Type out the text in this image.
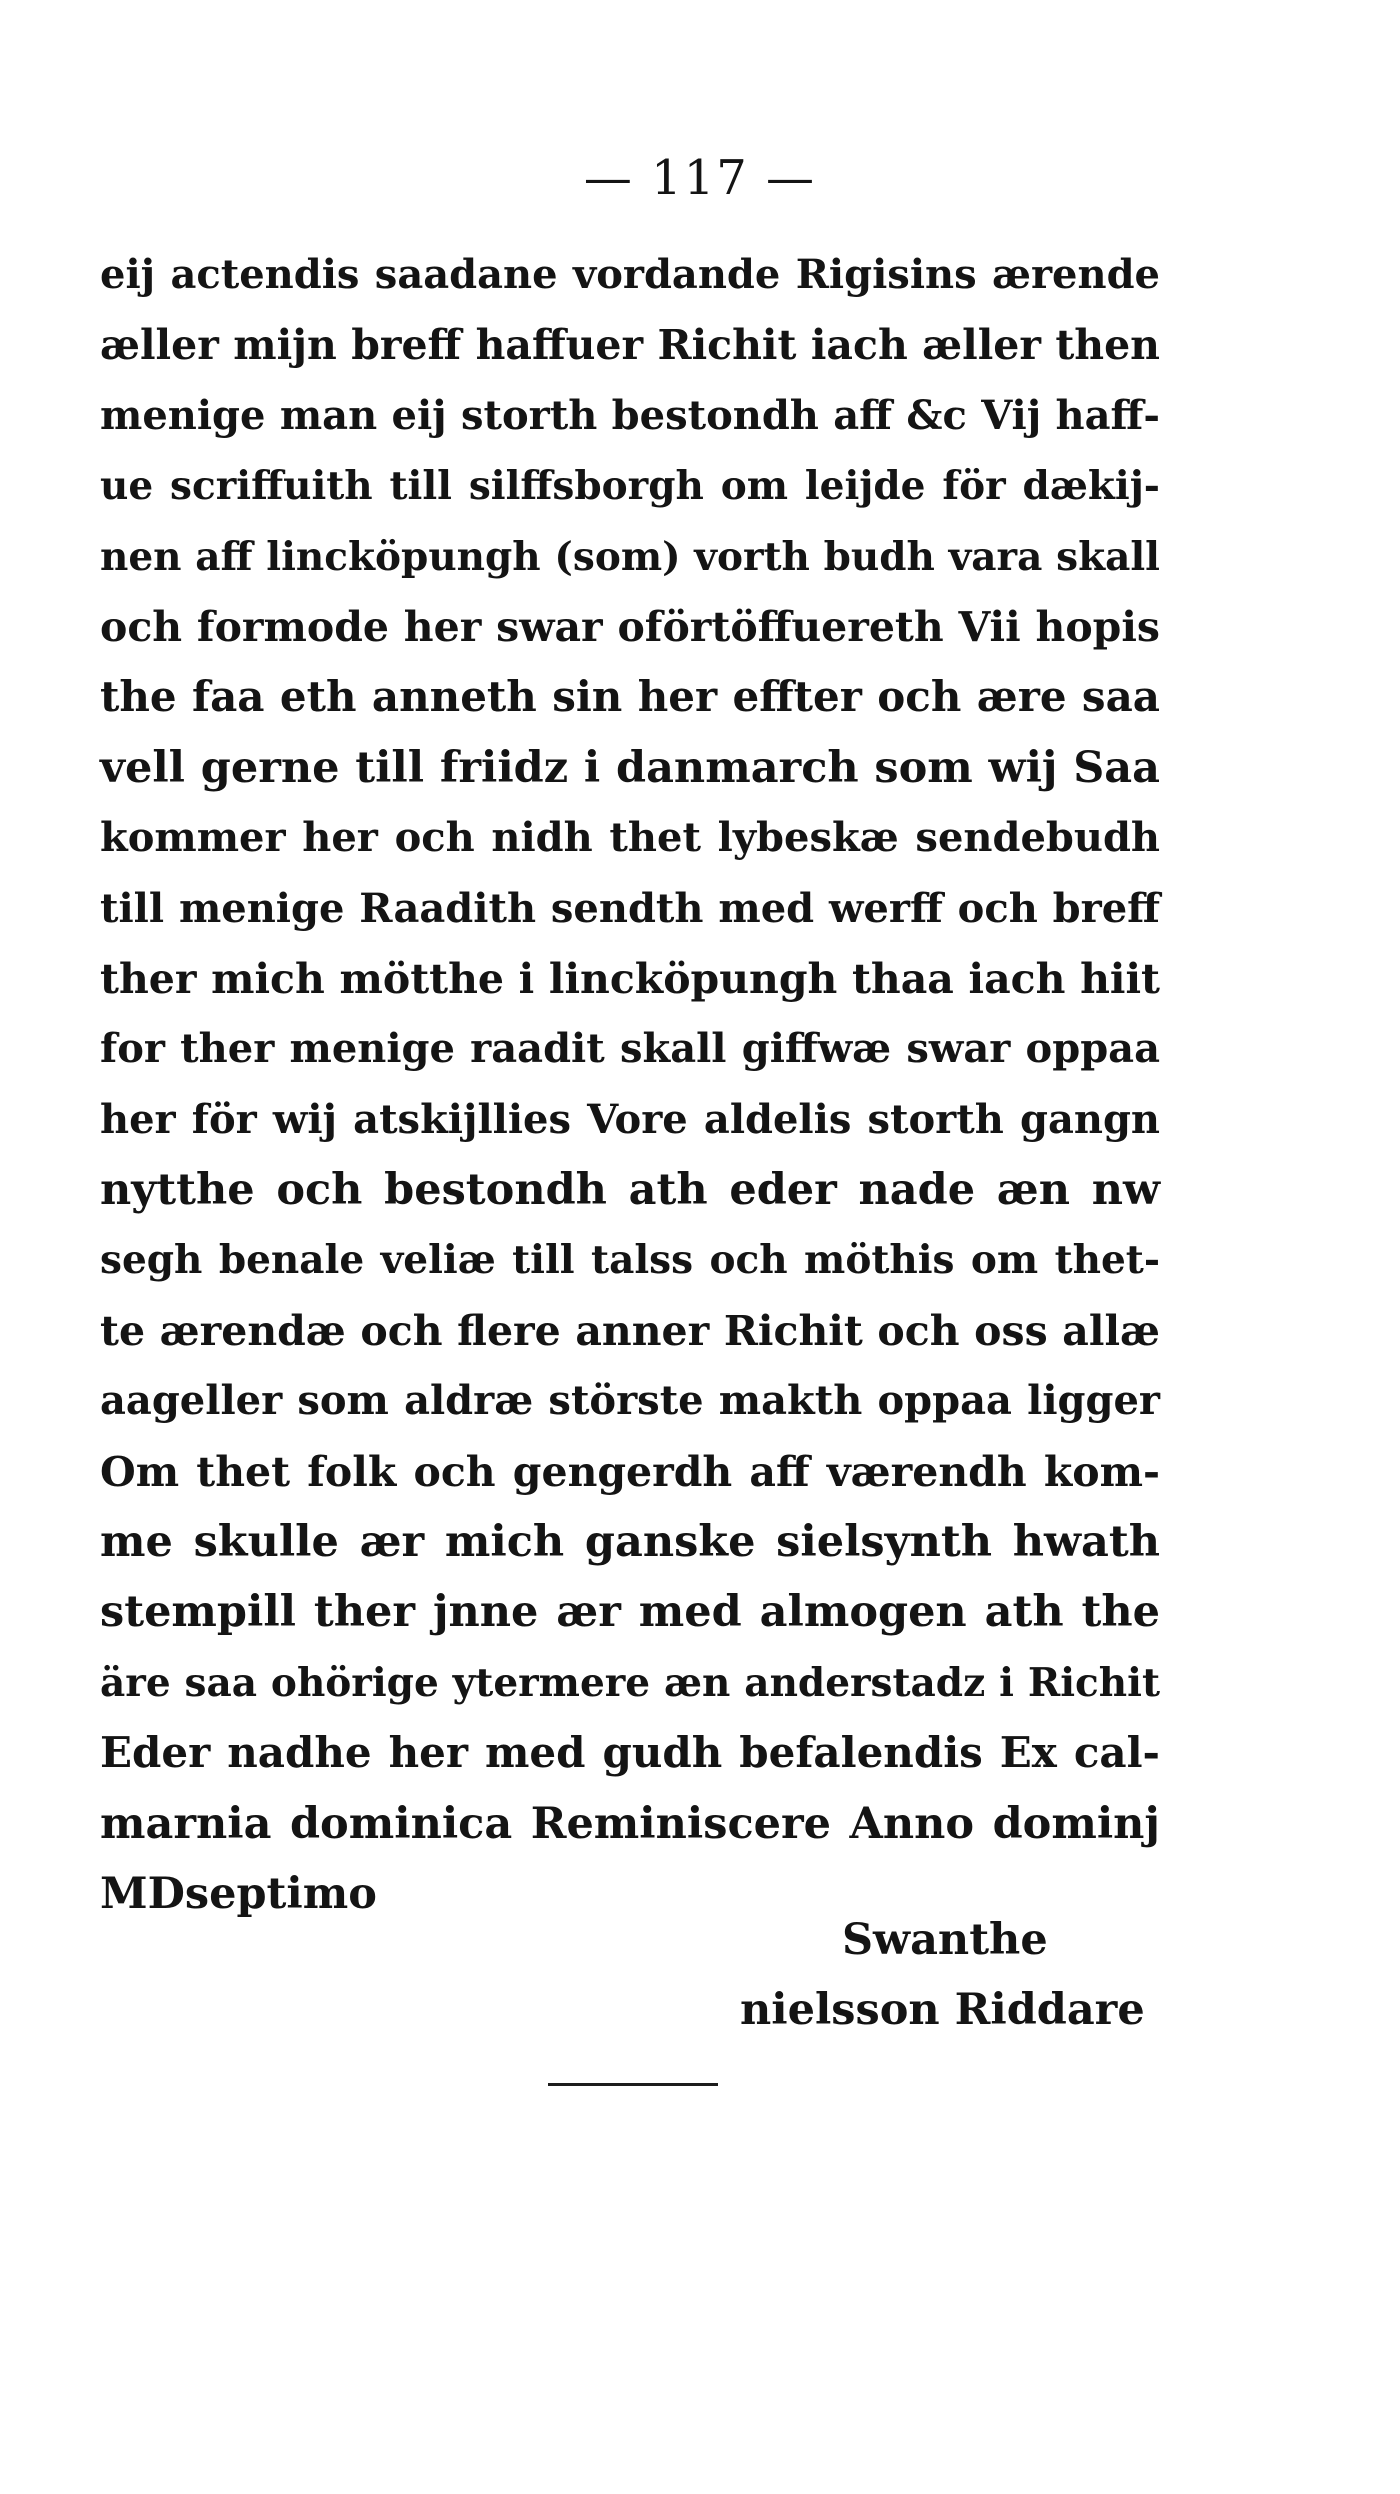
— 117 —
eij actendis saadane vordande Rigisins ærende
æller mijn breff haffuer Richit iach æller then
menige man eij storth bestondh aff &c Vij haff-
ue scriffuith till silffsborgh om leijde för dækij-
nen aff linckӧpungh (som) vorth budh vara skall
och formode her swar oförtöffuereth Vii hopis
the faa eth anneth sin her effter och ære saa
vell gerne till friidz i danmarch som wij Saa
kommer her och nidh thet lybeskæ sendebudh
till menige Raadith sendth med werff och breff
ther mich mötthe i linckӧpungh thaa iach hiit
for ther menige raadit skall giffwæ swar oppaa
her för wij atskijllies Vore aldelis storth gangn
nytthe och bestondh ath eder nade æn nw
segh benale veliæ till talss och möthis om thet-
te ærendæ och flere anner Richit och oss allæ
aageller som aldræ störste makth oppaa ligger
Om thet folk och gengerdh aff værendh kom-
me skulle ær mich ganske sielsynth hwath
stempill ther jnne ær med almogen ath the
äre saa ohörige ytermere æn anderstadz i Richit
Eder nadhe her med gudh befalendis Ex cal-
marnia dominica Reminiscere Anno dominj
MDseptimo
Swanthe
nielsson Riddare
